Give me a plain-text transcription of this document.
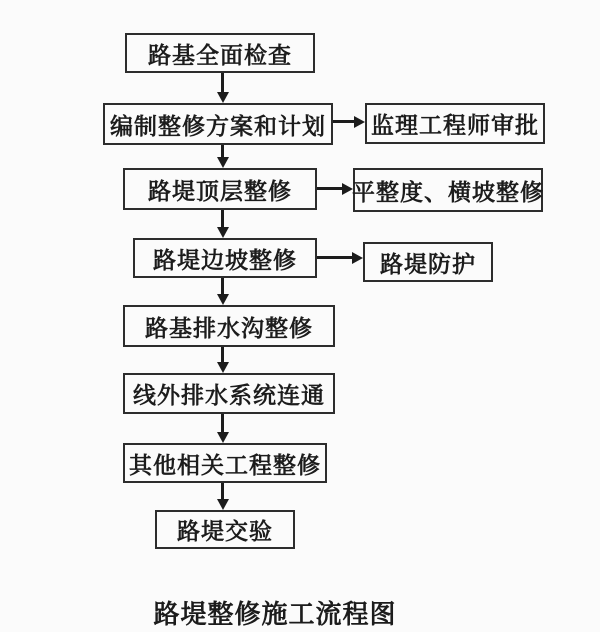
路基全面检查
编制整修方案和计划	监理工程师审批
路堤顶层整修	平整度、横坡整修
路堤边坡整修	路堤防护
路基排水沟整修
线外排水系统连通
其他相关工程整修
路堤交验
路堤整修施工流程图
